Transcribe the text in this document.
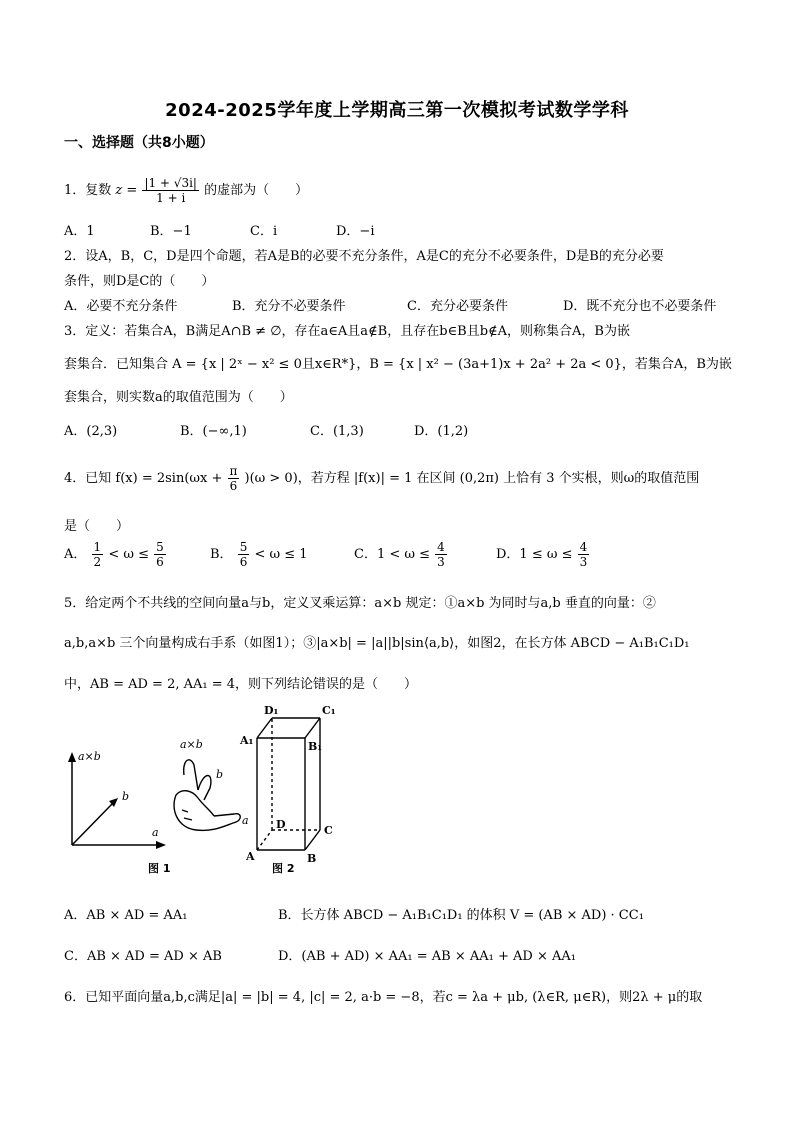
2024-2025学年度上学期高三第一次模拟考试数学学科
一、选择题（共8小题）
1．复数 $z = \frac{|1 + √3i|}{1 + i}$ 的虚部为（　　）
A．1	B．−1	C．i	D．−i
2．设A，B，C，D是四个命题，若A是B的必要不充分条件，A是C的充分不必要条件，D是B的充分必要
条件，则D是C的（　　）
A．必要不充分条件	B．充分不必要条件	C．充分必要条件	D．既不充分也不必要条件
3．定义：若集合A，B满足A∩B ≠ ∅，存在a∈A且a∉B，且存在b∈B且b∉A，则称集合A，B为嵌
套集合．已知集合 A = {x | 2ˣ − x² ≤ 0且x∈R*}，B = {x | x² − (3a+1)x + 2a² + 2a < 0}，若集合A，B为嵌
套集合，则实数a的取值范围为（　　）
A．(2,3)	B．(−∞,1)	C．(1,3)	D．(1,2)
4．已知 $f(x) = 2\sin(\omega x + \frac{\pi}{6} )(\omega > 0)$，若方程 |f(x)| = 1 在区间 (0,2π) 上恰有 3 个实根，则ω的取值范围
是（　　）
A． $\frac{1}{2} < \omega \le \frac{5}{6}$	B． $\frac{5}{6} < \omega \le 1$	C．$1 < \omega \le \frac{4}{3}$	D．$1 \le \omega \le \frac{4}{3}$
5．给定两个不共线的空间向量a与b，定义叉乘运算：a×b 规定：①a×b 为同时与a,b 垂直的向量：②
a,b,a×b 三个向量构成右手系（如图1）；③|a×b| = |a||b|sin⟨a,b⟩，如图2，在长方体 ABCD − A₁B₁C₁D₁
中，AB = AD = 2, AA₁ = 4，则下列结论错误的是（　　）
a×b
b
a
a×b
b
a
图 1
D₁	C₁
A₁	B₁
D	C
A	B
图 2
A．AB × AD = AA₁	B．长方体 ABCD − A₁B₁C₁D₁ 的体积 V = (AB × AD) · CC₁
C．AB × AD = AD × AB	D．(AB + AD) × AA₁ = AB × AA₁ + AD × AA₁
6．已知平面向量a,b,c满足|a| = |b| = 4, |c| = 2, a·b = −8，若c = λa + μb, (λ∈R, μ∈R)，则2λ + μ的取
